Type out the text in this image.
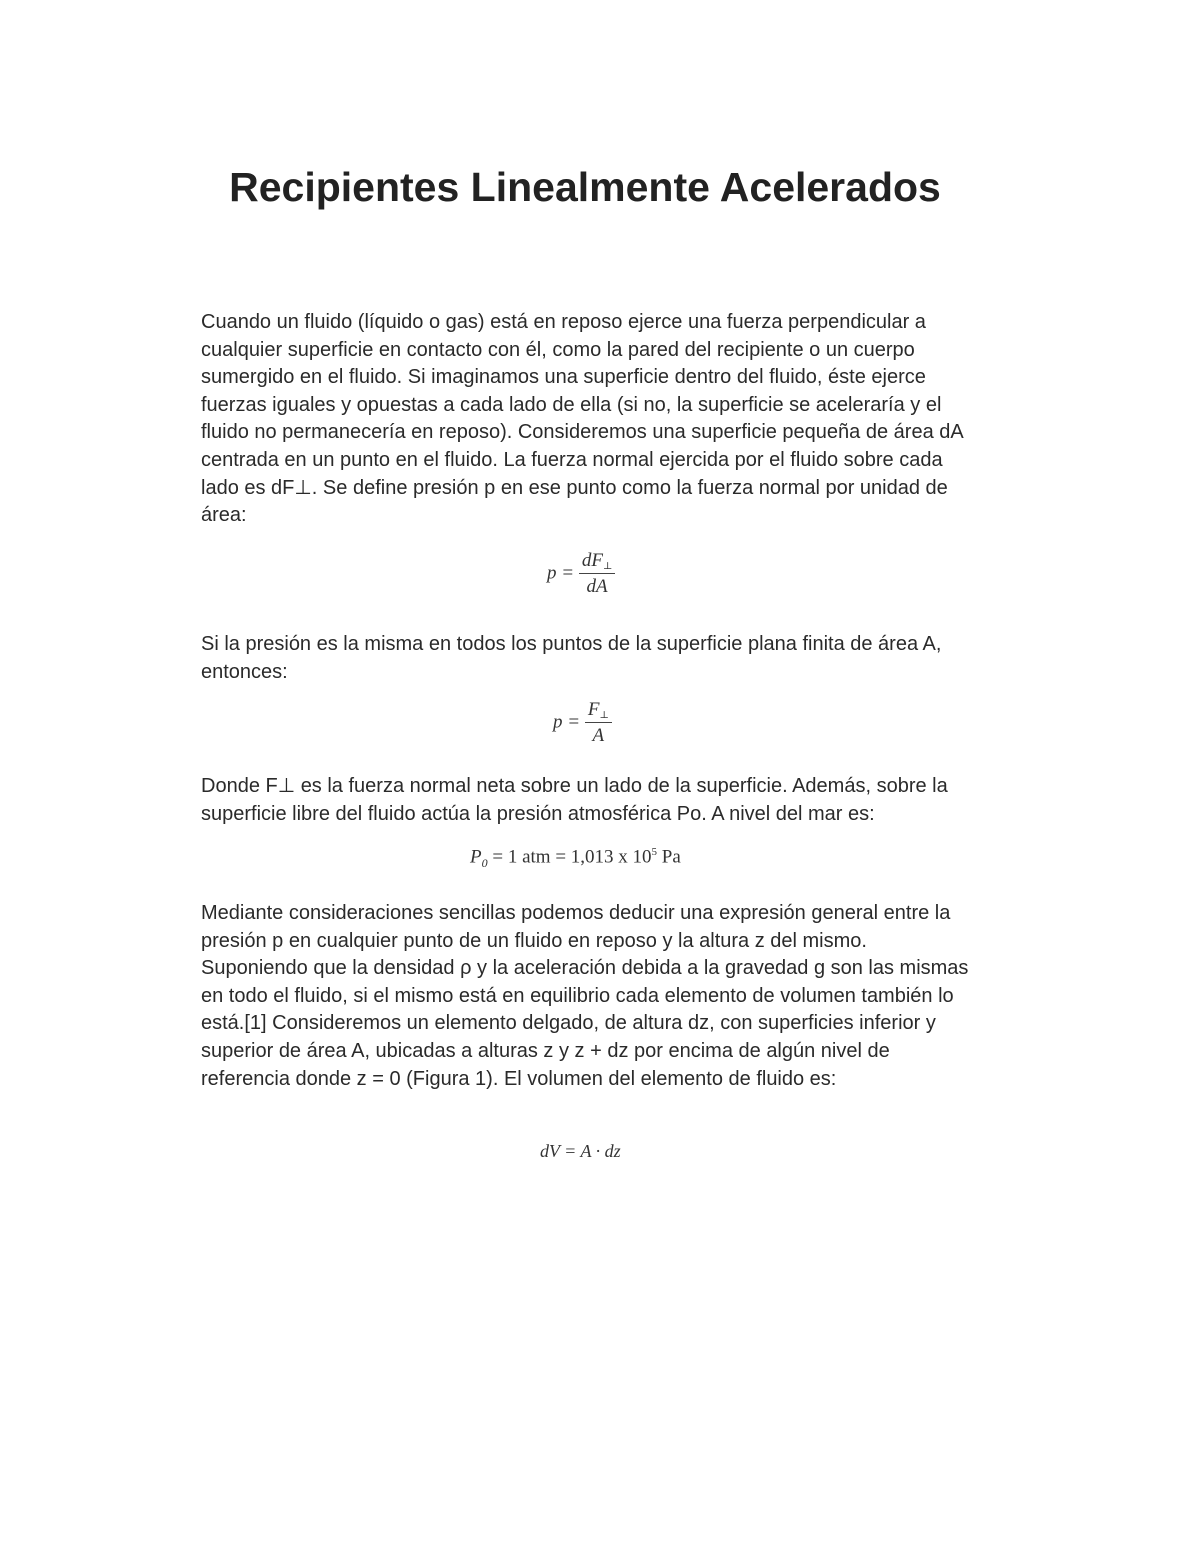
Recipientes Linealmente Acelerados

Cuando un fluido (líquido o gas) está en reposo ejerce una fuerza perpendicular a cualquier superficie en contacto con él, como la pared del recipiente o un cuerpo sumergido en el fluido. Si imaginamos una superficie dentro del fluido, éste ejerce fuerzas iguales y opuestas a cada lado de ella (si no, la superficie se aceleraría y el fluido no permanecería en reposo). Consideremos una superficie pequeña de área dA centrada en un punto en el fluido. La fuerza normal ejercida por el fluido sobre cada lado es dF⊥. Se define presión p en ese punto como la fuerza normal por unidad de área:

$p = \frac{dF\perp}{dA}$

Si la presión es la misma en todos los puntos de la superficie plana finita de área A, entonces:

$p = \frac{F\perp}{A}$

Donde F⊥ es la fuerza normal neta sobre un lado de la superficie. Además, sobre la superficie libre del fluido actúa la presión atmosférica Po. A nivel del mar es:

$P_0 = 1$ atm = 1,013 x $10^5$ Pa

Mediante consideraciones sencillas podemos deducir una expresión general entre la presión p en cualquier punto de un fluido en reposo y la altura z del mismo. Suponiendo que la densidad ρ y la aceleración debida a la gravedad g son las mismas en todo el fluido, si el mismo está en equilibrio cada elemento de volumen también lo está.[1] Consideremos un elemento delgado, de altura dz, con superficies inferior y superior de área A, ubicadas a alturas z y z + dz por encima de algún nivel de referencia donde z = 0 (Figura 1). El volumen del elemento de fluido es:

dV = A · dz
